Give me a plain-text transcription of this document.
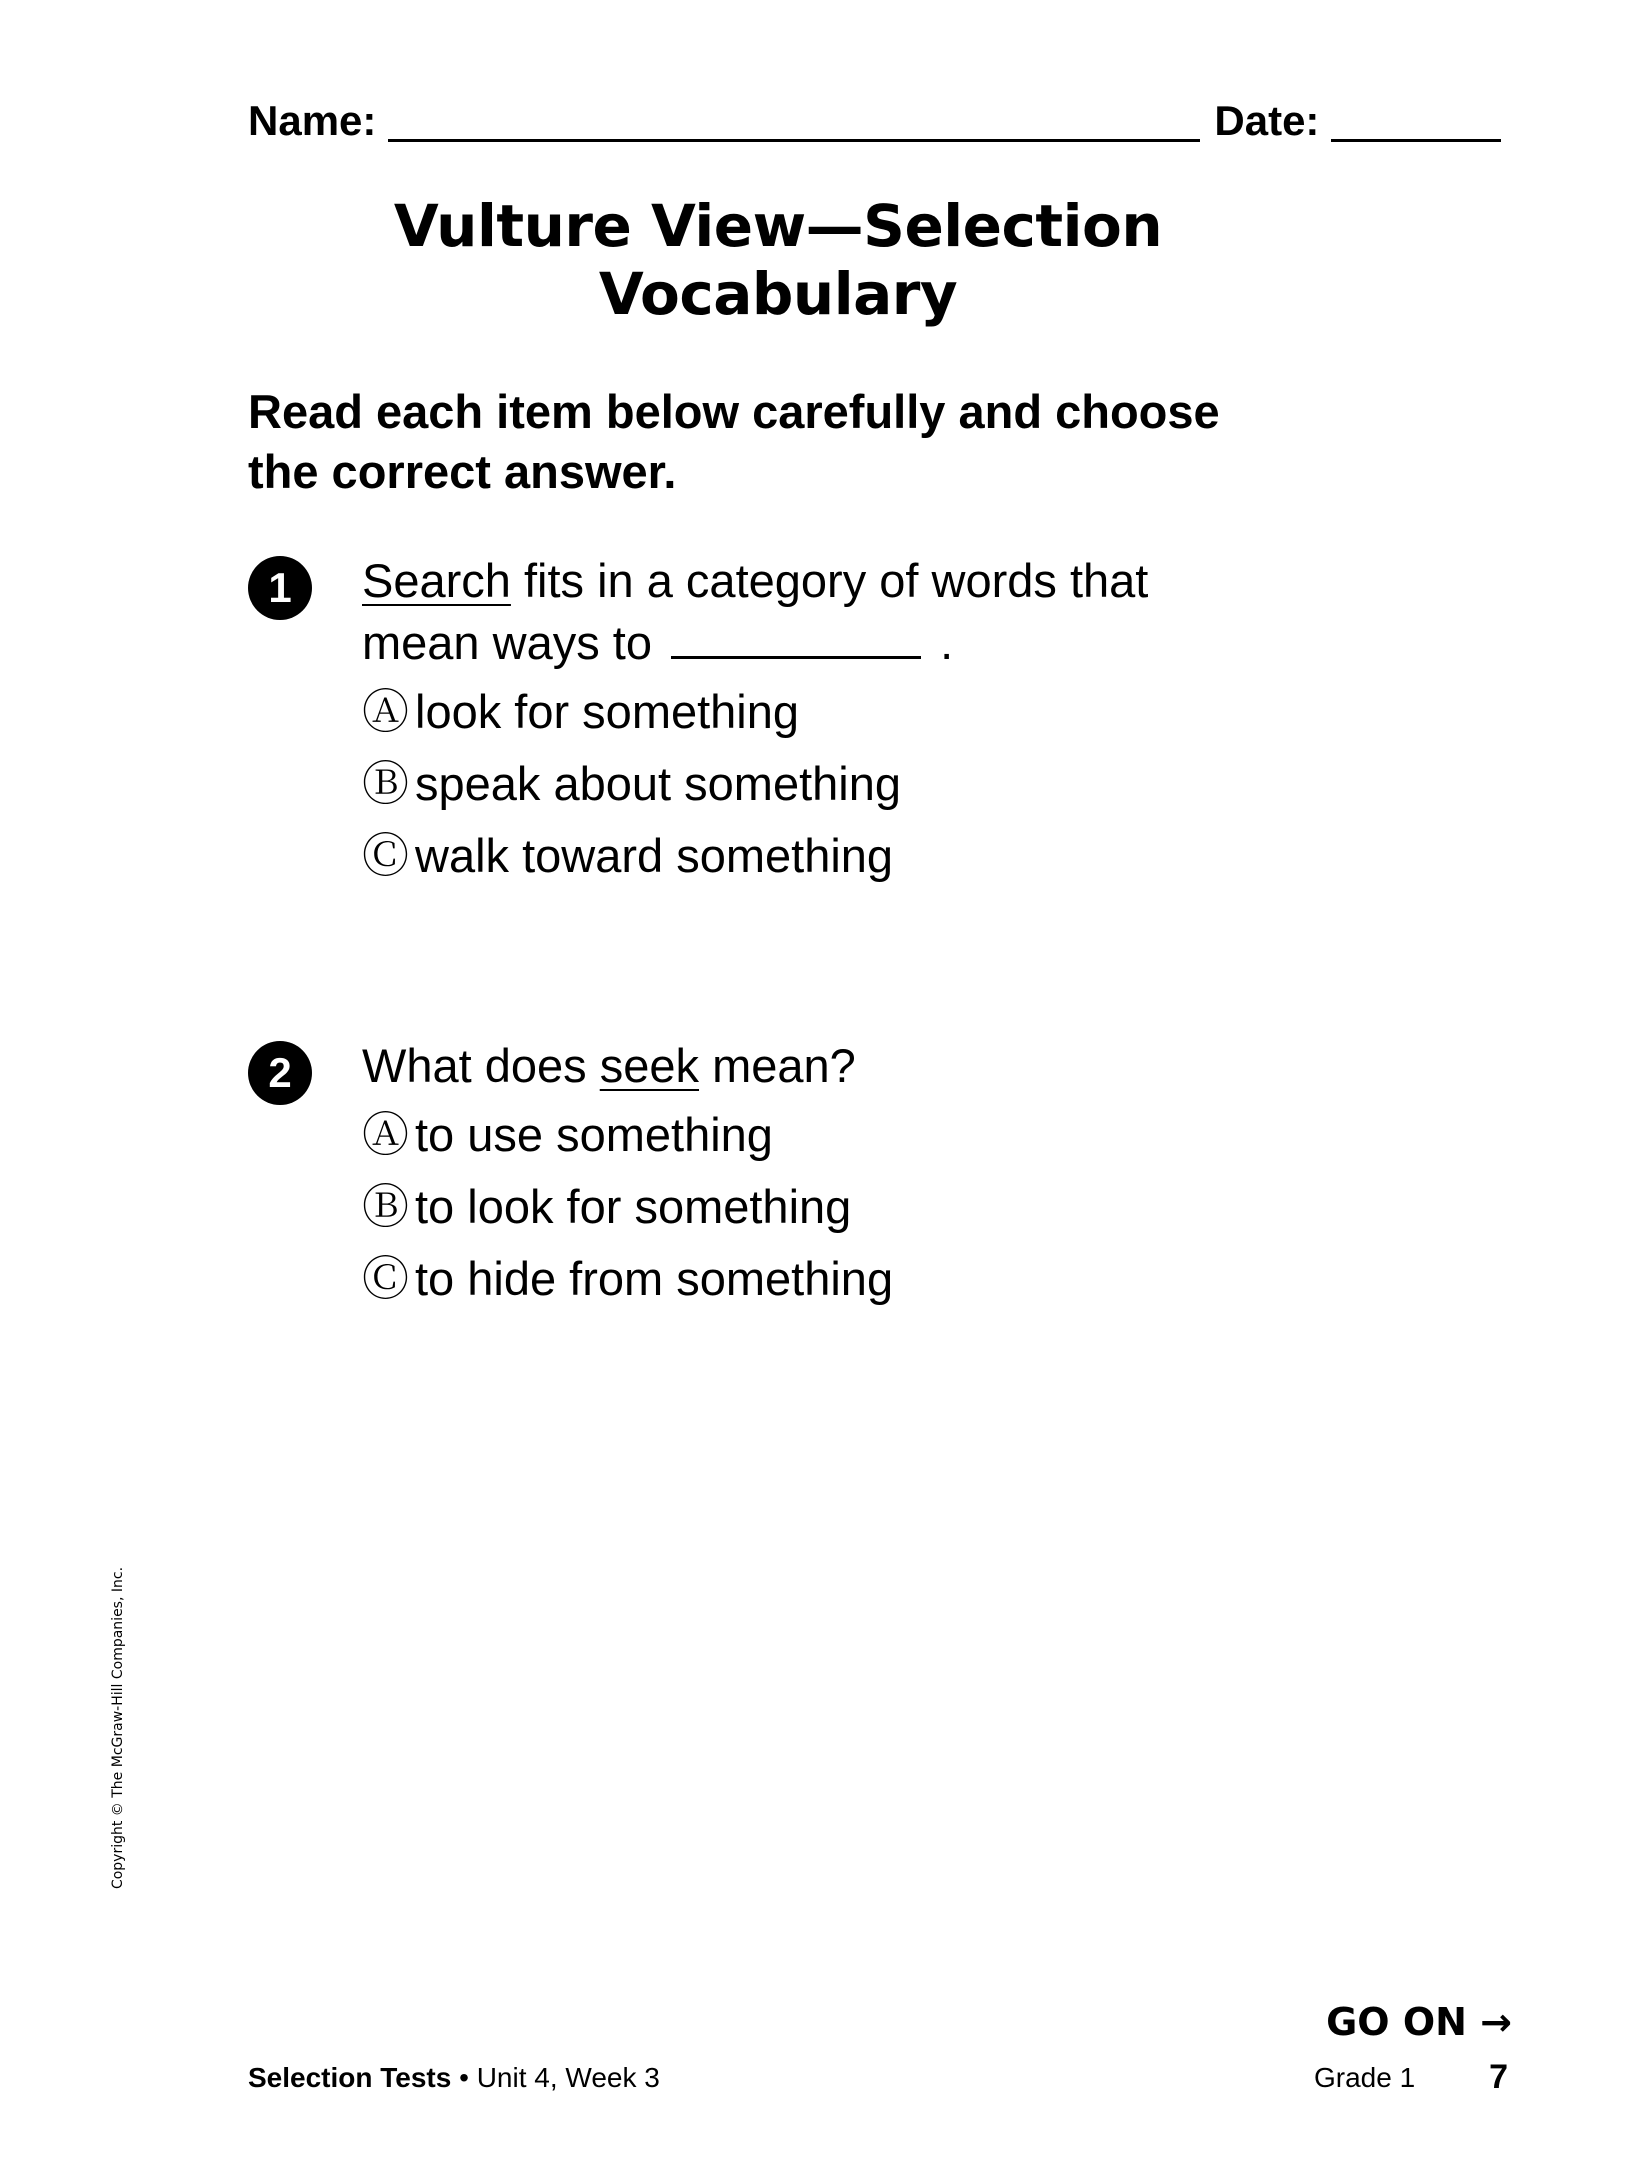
Name:	Date:
Vulture View—Selection
Vocabulary
Read each item below carefully and choose
the correct answer.
1	Search fits in a category of words that
mean ways to	.
Ⓐ look for something
Ⓑ speak about something
Ⓒ walk toward something
2	What does seek mean?
Ⓐ to use something
Ⓑ to look for something
Ⓒ to hide from something
Copyright © The McGraw-Hill Companies, Inc.
GO ON →
Selection Tests • Unit 4, Week 3	Grade 1 7
